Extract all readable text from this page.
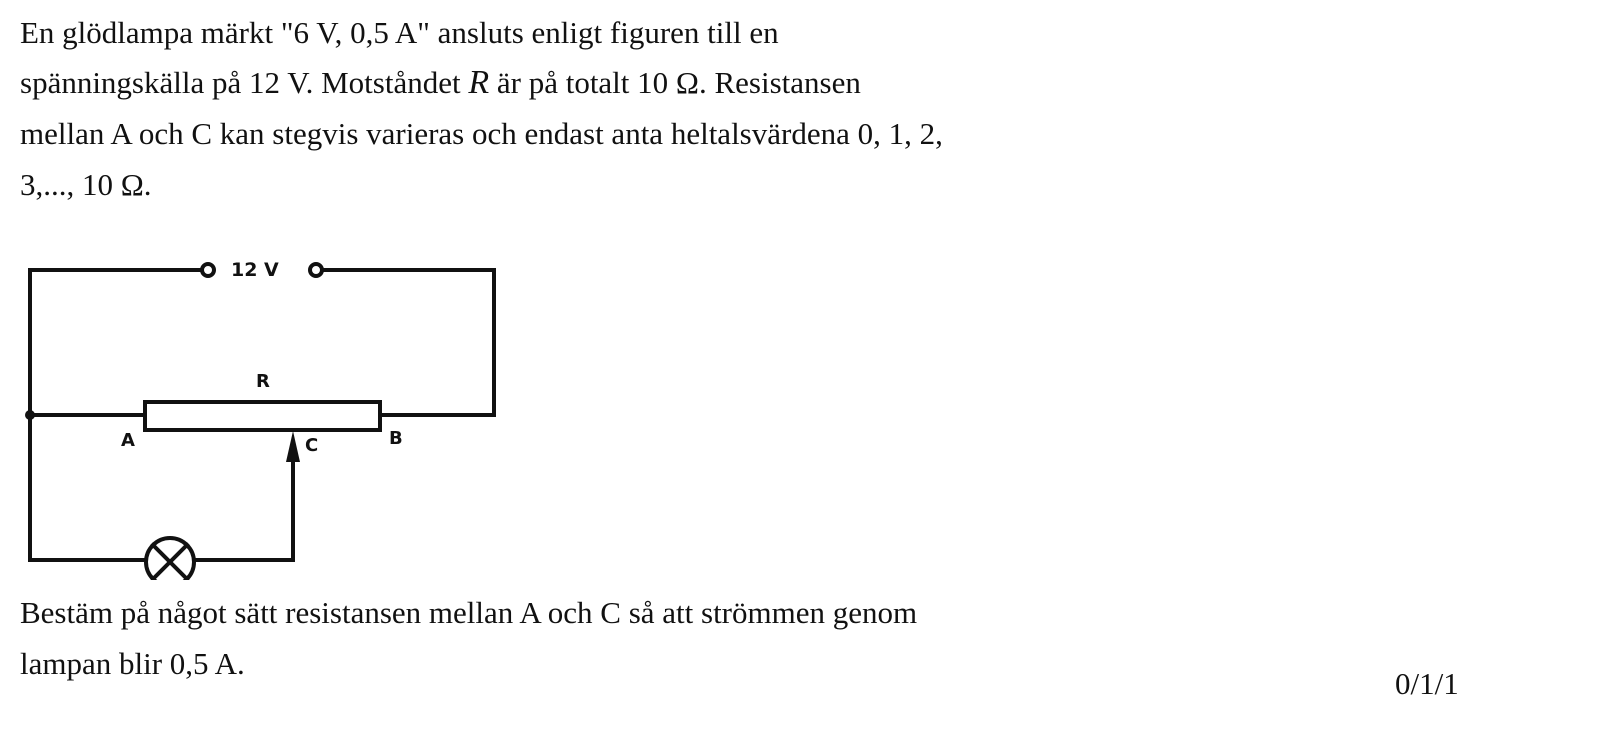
En glödlampa märkt "6 V, 0,5 A" ansluts enligt figuren till en
spänningskälla på 12 V. Motståndet R är på totalt 10 Ω. Resistansen
mellan A och C kan stegvis varieras och endast anta heltalsvärdena 0, 1, 2,
3,..., 10 Ω.
12 V
R
A	B
C
Bestäm på något sätt resistansen mellan A och C så att strömmen genom
lampan blir 0,5 A.
0/1/1
